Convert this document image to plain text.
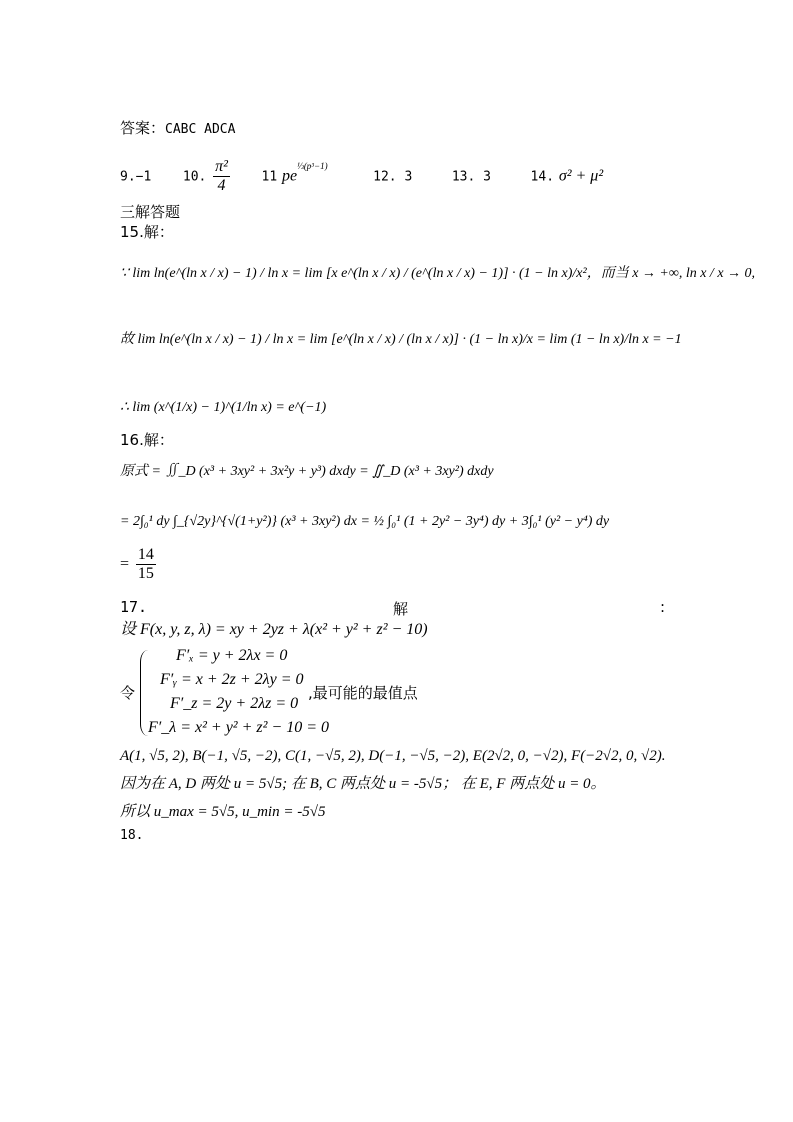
答案：CABC ADCA
9.−1 10. $\frac{\text{π²}}{4} 11$ $pe^{\frac{1}{3}(p^3-1)}$  12. 3	13. 3	14. σ² + μ²
三解答题
15.解：
∵ lim ln(e^(ln x / x) − 1) / ln x = lim [x e^(ln x / x) / (e^(ln x / x) − 1)] · (1 − ln x)/x²，而当 x → +∞, ln x / x → 0,
故 lim ln(e^(ln x / x) − 1) / ln x = lim [e^(ln x / x) / (ln x / x)] · (1 − ln x)/x = lim (1 − ln x)/ln x = −1
∴ lim (x^(1/x) − 1)^(1/ln x) = e^(−1)
16.解：
原式 = ∬_D (x³ + 3xy² + 3x²y + y³) dxdy = ∬_D (x³ + 3xy²) dxdy
= 2∫₀¹ dy ∫_{√2y}^{√(1+y²)} (x³ + 3xy²) dx = ½ ∫₀¹ (1 + 2y² − 3y⁴) dy + 3∫₀¹ (y² − y⁴) dy
= $\frac{14}{15}$
17.	解	:
设 F(x, y, z, λ) = xy + 2yz + λ(x² + y² + z² − 10)
令
F′ₓ = y + 2λx = 0
F′ᵧ = x + 2z + 2λy = 0
F′_z = 2y + 2λz = 0
F′_λ = x² + y² + z² − 10 = 0
,最可能的最值点
A(1, √5, 2), B(−1, √5, −2), C(1, −√5, 2), D(−1, −√5, −2), E(2√2, 0, −√2), F(−2√2, 0, √2).
因为在 A, D 两处 u = 5√5; 在 B, C 两点处 u = -5√5； 在 E, F 两点处 u = 0。
所以 u_max = 5√5, u_min = -5√5
18.
